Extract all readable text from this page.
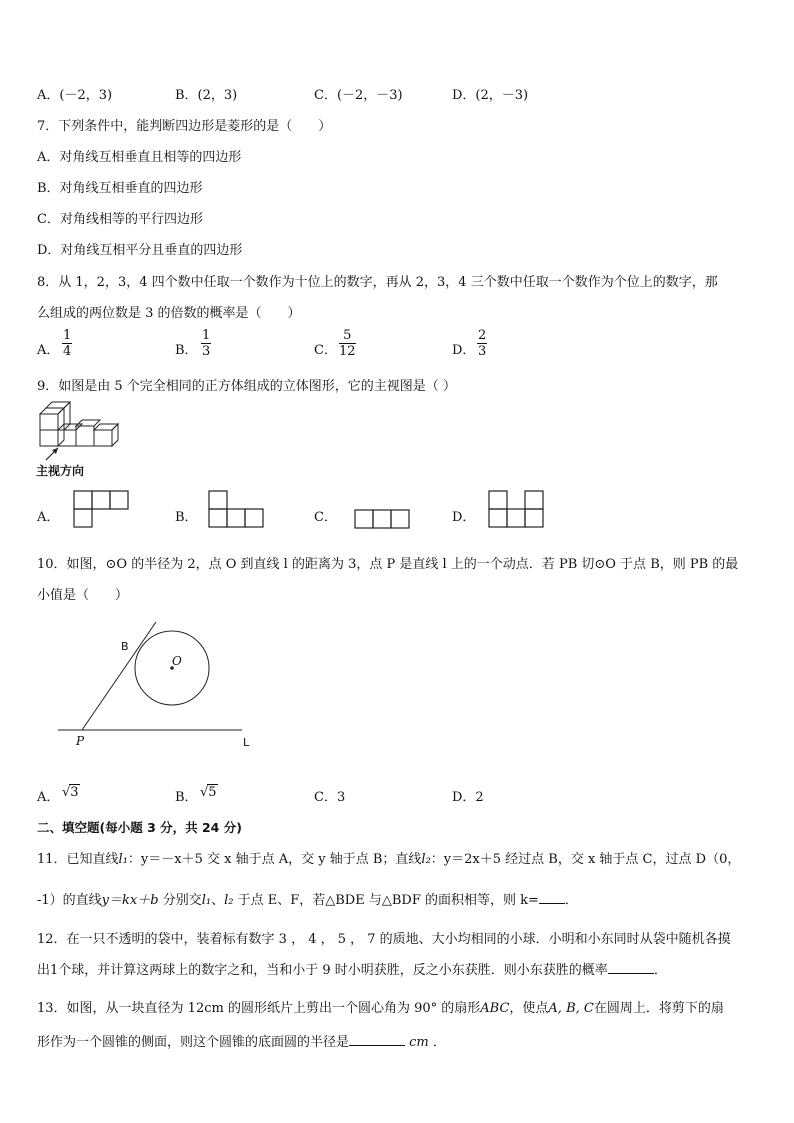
A．(－2，3)	B．(2，3)	C．(－2，－3)	D．(2，－3)
7．下列条件中，能判断四边形是菱形的是（　　）
A．对角线互相垂直且相等的四边形
B．对角线互相垂直的四边形
C．对角线相等的平行四边形
D．对角线互相平分且垂直的四边形
8．从 1，2，3，4 四个数中任取一个数作为十位上的数字，再从 2，3，4 三个数中任取一个数作为个位上的数字，那
么组成的两位数是 3 的倍数的概率是（　　）
A． $\frac{1}{4}$	B． $\frac{1}{3}$	C． $\frac{5}{12}$	D． $\frac{2}{3}$
9．如图是由 5 个完全相同的正方体组成的立体图形，它的主视图是（ ）
主视方向
A．	B．	C．	D．
10．如图，⊙O 的半径为 2，点 O 到直线 l 的距离为 3，点 P 是直线 l 上的一个动点．若 PB 切⊙O 于点 B，则 PB 的最
小值是（　　）
B
O
P	L
A． √3	B． √5	C．3	D．2
二、填空题(每小题 3 分，共 24 分)
11．已知直线l₁：y＝－x＋5 交 x 轴于点 A，交 y 轴于点 B；直线l₂：y＝2x＋5 经过点 B，交 x 轴于点 C，过点 D（0，
-1）的直线y＝kx＋b 分别交l₁、l₂ 于点 E、F，若△BDE 与△BDF 的面积相等，则 k= ．
12．在一只不透明的袋中，装着标有数字 3 ， 4 ， 5 ， 7 的质地、大小均相同的小球．小明和小东同时从袋中随机各摸
出1个球，并计算这两球上的数字之和，当和小于 9 时小明获胜，反之小东获胜．则小东获胜的概率	．
13．如图，从一块直径为 12cm 的圆形纸片上剪出一个圆心角为 90° 的扇形ABC，使点A, B, C在圆周上．将剪下的扇
形作为一个圆锥的侧面，则这个圆锥的底面圆的半径是	cm ．
